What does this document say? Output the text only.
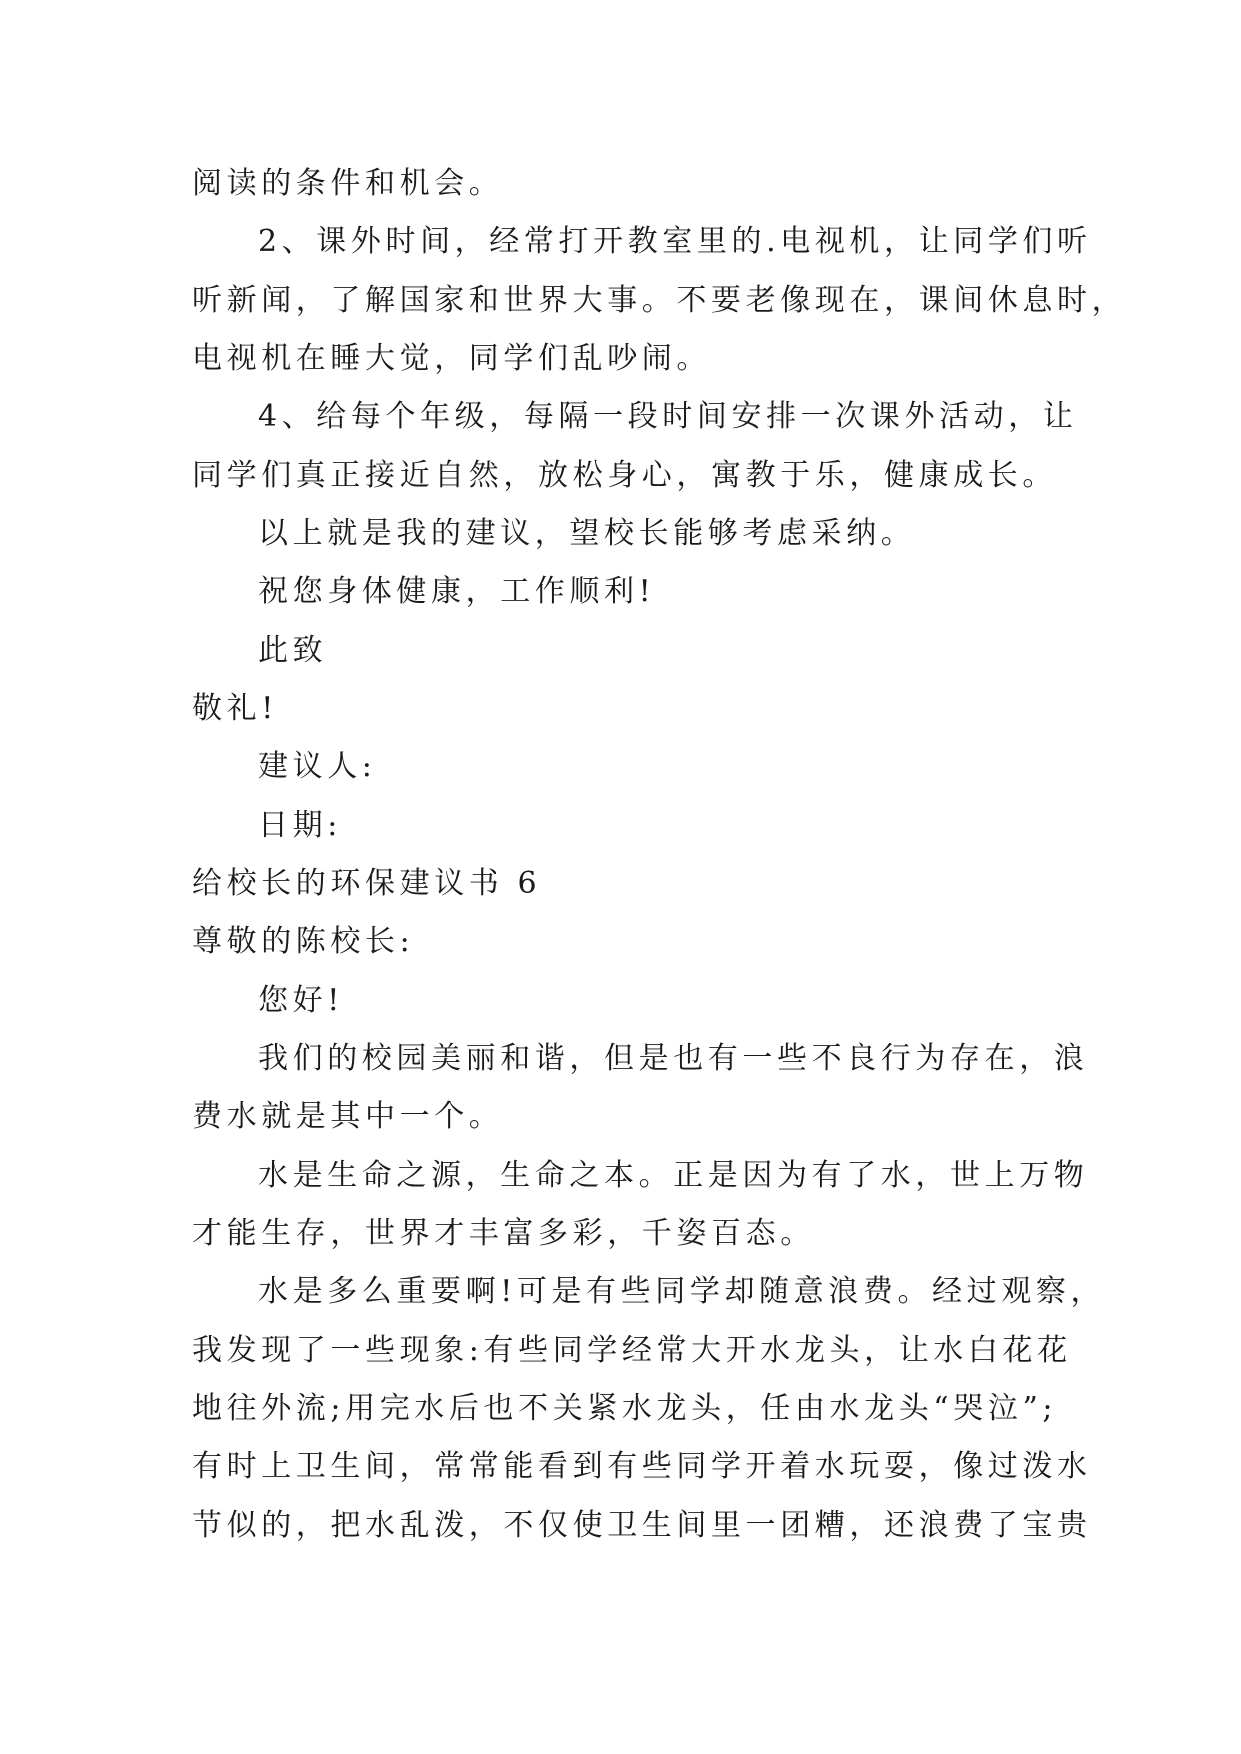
阅读的条件和机会。
2、课外时间，经常打开教室里的.电视机，让同学们听
听新闻，了解国家和世界大事。不要老像现在，课间休息时，
电视机在睡大觉，同学们乱吵闹。
4、给每个年级，每隔一段时间安排一次课外活动，让
同学们真正接近自然，放松身心，寓教于乐，健康成长。
以上就是我的建议，望校长能够考虑采纳。
祝您身体健康，工作顺利!
此致
敬礼!
建议人:
日期:
给校长的环保建议书 6
尊敬的陈校长:
您好!
我们的校园美丽和谐，但是也有一些不良行为存在，浪
费水就是其中一个。
水是生命之源，生命之本。正是因为有了水，世上万物
才能生存，世界才丰富多彩，千姿百态。
水是多么重要啊!可是有些同学却随意浪费。经过观察，
我发现了一些现象:有些同学经常大开水龙头，让水白花花
地往外流;用完水后也不关紧水龙头，任由水龙头“哭泣”;
有时上卫生间，常常能看到有些同学开着水玩耍，像过泼水
节似的，把水乱泼，不仅使卫生间里一团糟，还浪费了宝贵
